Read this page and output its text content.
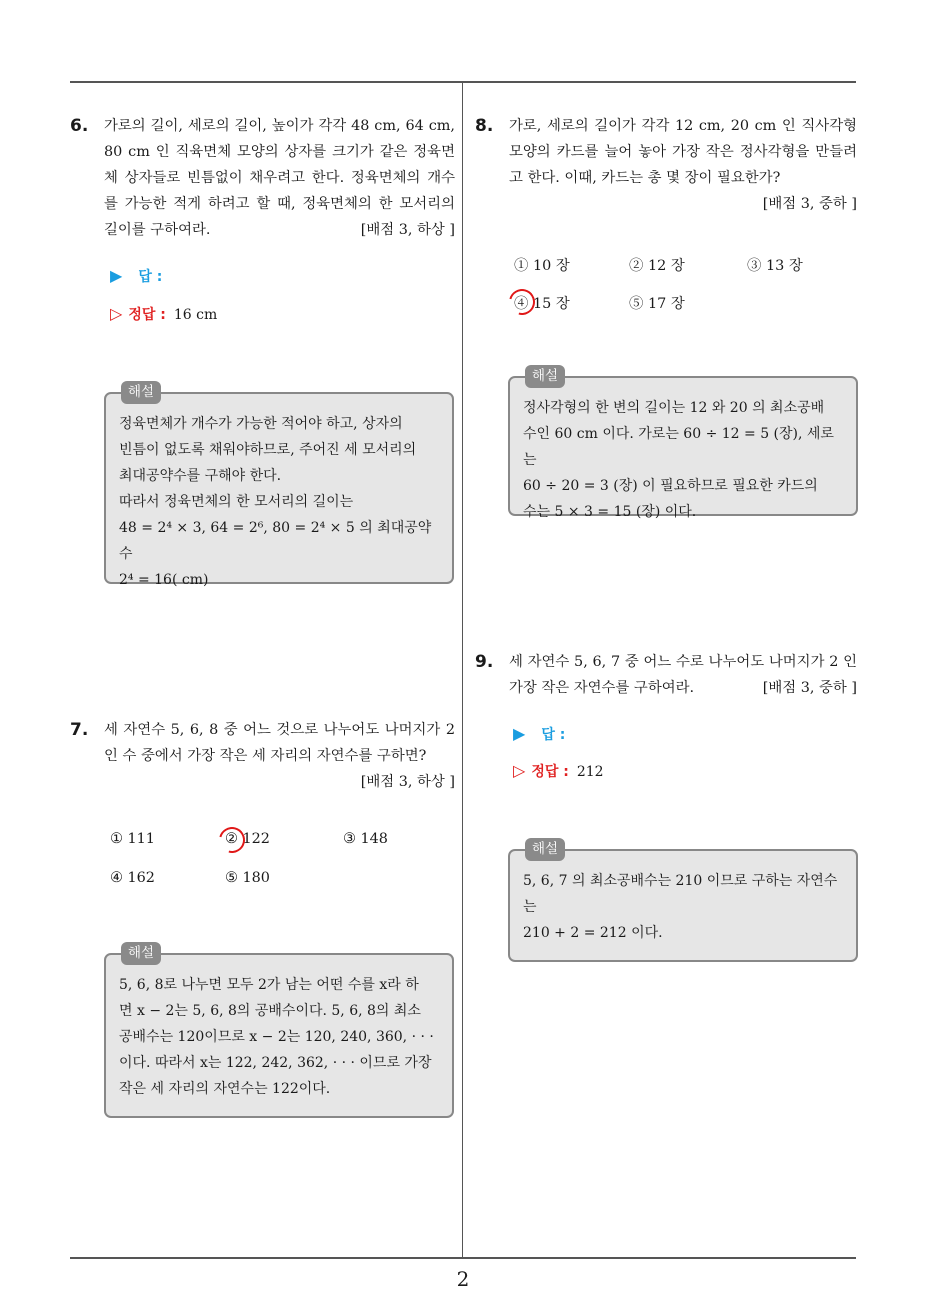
2
6. 가로의 길이, 세로의 길이, 높이가 각각 48 cm, 64 cm, 80 cm 인 직육면체 모양의 상자를 크기가 같은 정육면체 상자들로 빈틈없이 채우려고 한다. 정육면체의 개수를 가능한 적게 하려고 할 때, 정육면체의 한 모서리의 길이를 구하여라.	[배점 3, 하상 ]
▶ 답 :
▷ 정답 : 16 cm
해설
정육면체가 개수가 가능한 적어야 하고, 상자의
빈틈이 없도록 채워야하므로, 주어진 세 모서리의
최대공약수를 구해야 한다.
따라서 정육면체의 한 모서리의 길이는
48 = 2⁴ × 3, 64 = 2⁶, 80 = 2⁴ × 5 의 최대공약수
2⁴ = 16( cm)
7. 세 자연수 5, 6, 8 중 어느 것으로 나누어도 나머지가 2인 수 중에서 가장 작은 세 자리의 자연수를 구하면?
[배점 3, 하상 ]
① 111	② 122	③ 148
④ 162	⑤ 180
해설
5, 6, 8로 나누면 모두 2가 남는 어떤 수를 x라 하
면 x − 2는 5, 6, 8의 공배수이다. 5, 6, 8의 최소
공배수는 120이므로 x − 2는 120, 240, 360, · · ·
이다. 따라서 x는 122, 242, 362, · · · 이므로 가장
작은 세 자리의 자연수는 122이다.
8. 가로, 세로의 길이가 각각 12 cm, 20 cm 인 직사각형 모양의 카드를 늘어 놓아 가장 작은 정사각형을 만들려고 한다. 이때, 카드는 총 몇 장이 필요한가?
[배점 3, 중하 ]
① 10 장	② 12 장	③ 13 장
④ 15 장	⑤ 17 장
해설
정사각형의 한 변의 길이는 12 와 20 의 최소공배
수인 60 cm 이다. 가로는 60 ÷ 12 = 5 (장), 세로는
60 ÷ 20 = 3 (장) 이 필요하므로 필요한 카드의
수는 5 × 3 = 15 (장) 이다.
9. 세 자연수 5, 6, 7 중 어느 수로 나누어도 나머지가 2 인 가장 작은 자연수를 구하여라.	[배점 3, 중하 ]
▶ 답 :
▷ 정답 : 212
해설
5, 6, 7 의 최소공배수는 210 이므로 구하는 자연수
는
210 + 2 = 212 이다.
